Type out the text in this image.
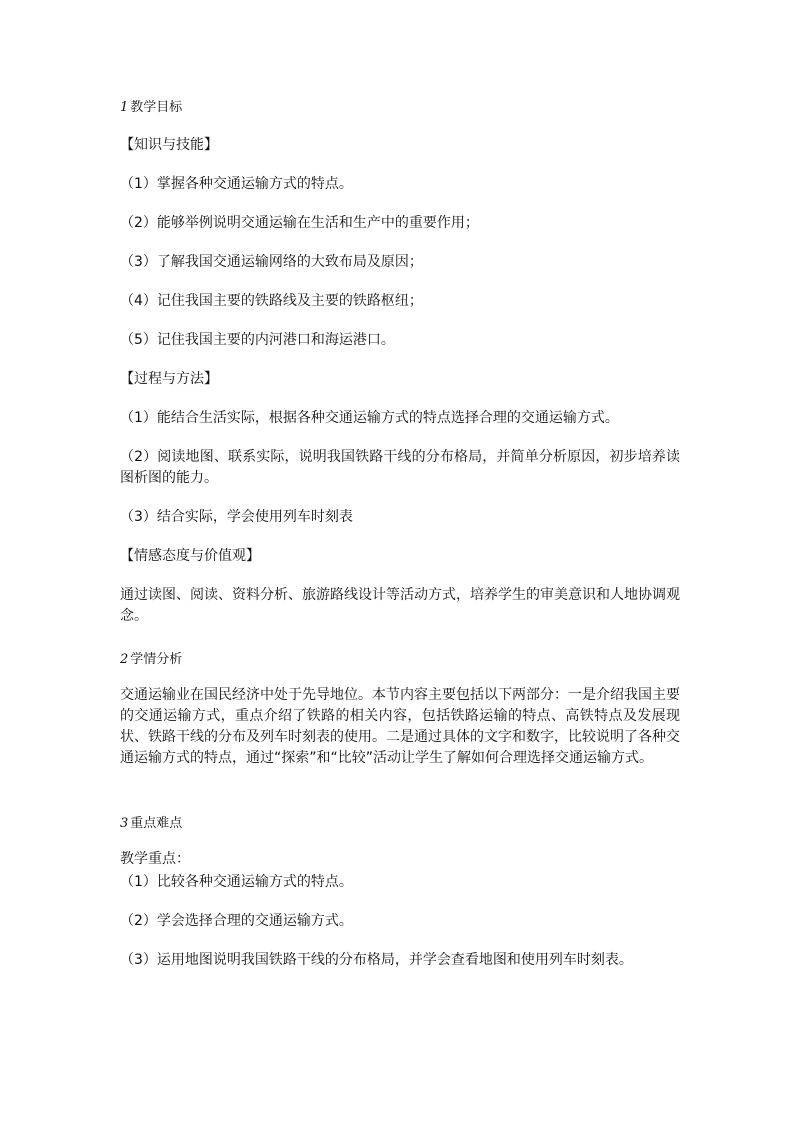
1 教学目标
【知识与技能】
（1）掌握各种交通运输方式的特点。
（2）能够举例说明交通运输在生活和生产中的重要作用；
（3）了解我国交通运输网络的大致布局及原因；
（4）记住我国主要的铁路线及主要的铁路枢纽；
（5）记住我国主要的内河港口和海运港口。
【过程与方法】
（1）能结合生活实际，根据各种交通运输方式的特点选择合理的交通运输方式。
（2）阅读地图、联系实际，说明我国铁路干线的分布格局，并简单分析原因，初步培养读图析图的能力。
（3）结合实际，学会使用列车时刻表
【情感态度与价值观】
通过读图、阅读、资料分析、旅游路线设计等活动方式，培养学生的审美意识和人地协调观念。
2 学情分析
交通运输业在国民经济中处于先导地位。本节内容主要包括以下两部分：一是介绍我国主要的交通运输方式，重点介绍了铁路的相关内容，包括铁路运输的特点、高铁特点及发展现状、铁路干线的分布及列车时刻表的使用。二是通过具体的文字和数字，比较说明了各种交通运输方式的特点，通过“探索”和“比较”活动让学生了解如何合理选择交通运输方式。
3 重点难点
教学重点：
（1）比较各种交通运输方式的特点。
（2）学会选择合理的交通运输方式。
（3）运用地图说明我国铁路干线的分布格局，并学会查看地图和使用列车时刻表。
